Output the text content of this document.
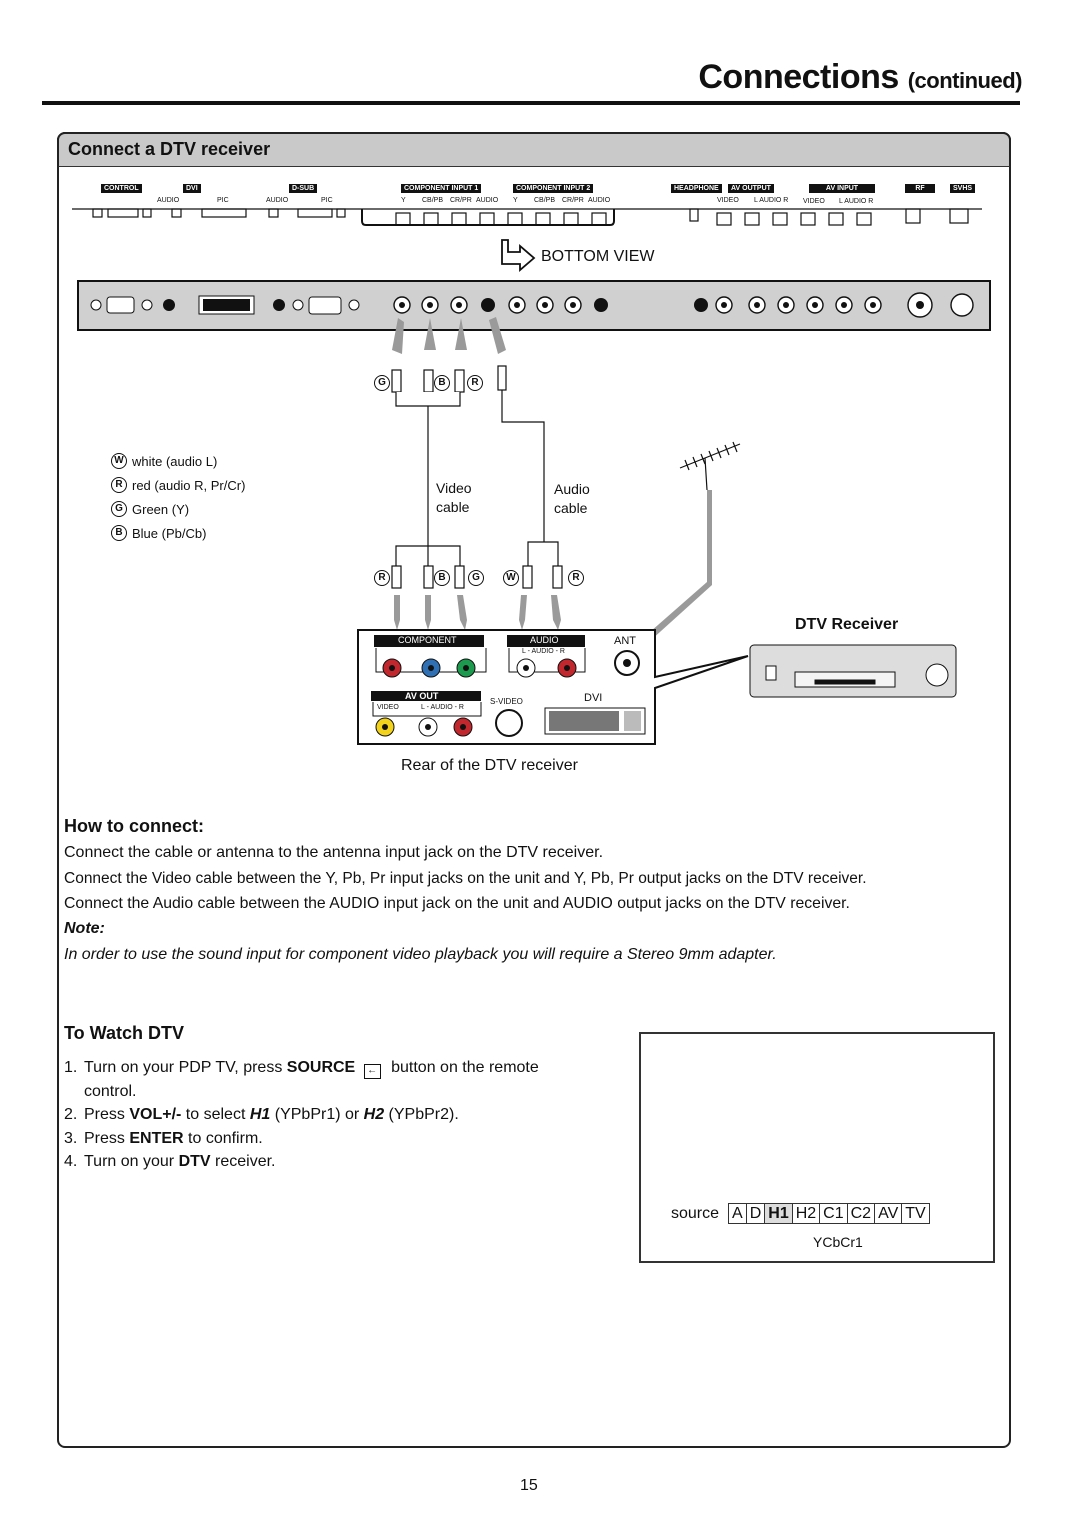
Connections (continued)
Connect a DTV receiver
CONTROL	DVI
AUDIO	PIC
D-SUB
AUDIO	PIC
COMPONENT INPUT 1
Y CB/PB CR/PR AUDIO
COMPONENT INPUT 2
Y CB/PB CR/PR AUDIO
HEADPHONE	AV OUTPUT
VIDEO L AUDIO R
AV INPUT
VIDEO L AUDIO R
RF	SVHS
BOTTOM VIEW
G	B	R
R	B	G	W	R
W white (audio L)
R red (audio R, Pr/Cr)
G Green (Y)
B Blue (Pb/Cb)
Video
cable
Audio
cable
DTV Receiver
COMPONENT	AUDIO
L - AUDIO - R
ANT
AV OUT
VIDEO	L - AUDIO - R
S-VIDEO	DVI
Rear of the DTV receiver
How to connect:
Connect the cable or antenna to the antenna input jack on the DTV receiver.
Connect the Video cable between the Y, Pb, Pr input jacks on the unit and Y, Pb, Pr output jacks on the DTV receiver.
Connect the Audio cable between the AUDIO input jack on the unit and AUDIO output jacks on the DTV receiver.
Note:
In order to use the sound input for component video playback you will require a Stereo 9mm adapter.
To Watch DTV
1. Turn on your PDP TV, press SOURCE ← button on the remote
control.
2. Press VOL+/- to select H1 (YPbPr1) or H2 (YPbPr2).
3. Press ENTER to confirm.
4. Turn on your DTV receiver.
source A D H1 H2 C1 C2 AV TV
YCbCr1
15
